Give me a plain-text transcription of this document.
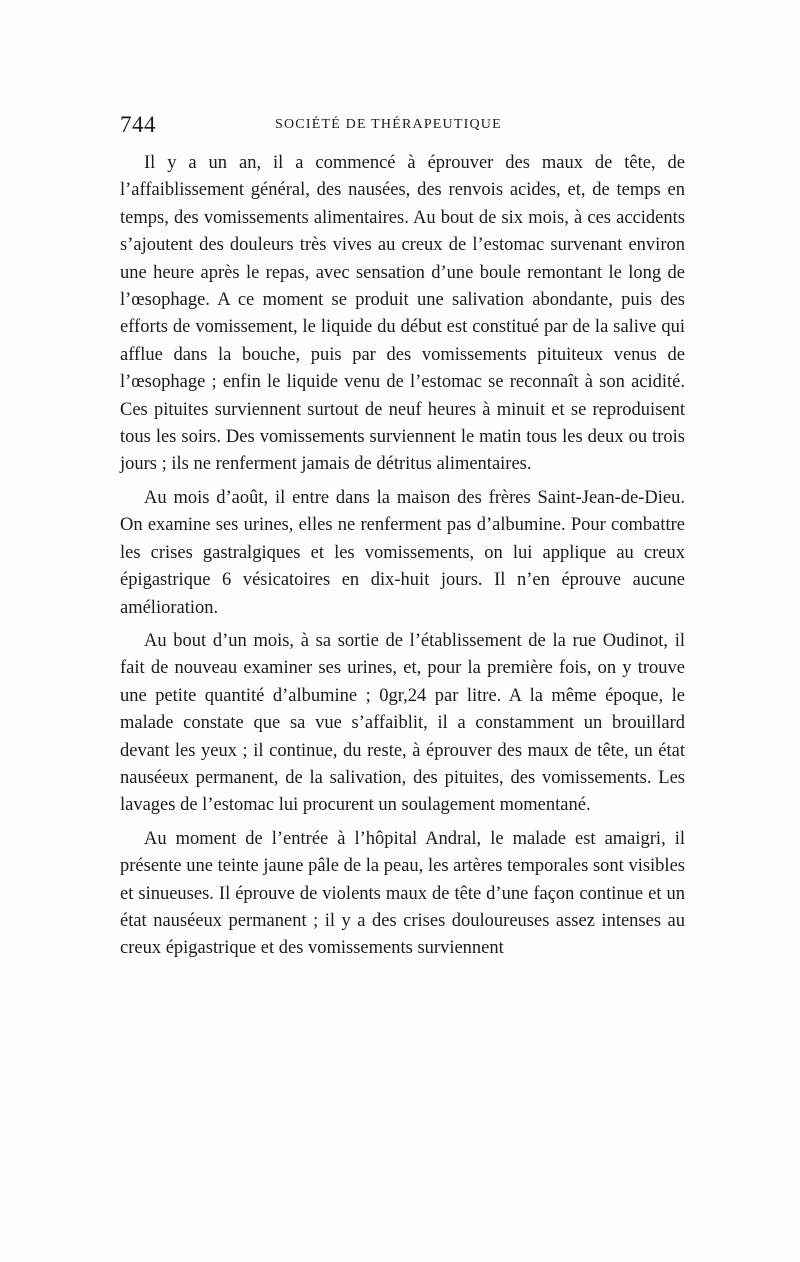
744	SOCIÉTÉ DE THÉRAPEUTIQUE

Il y a un an, il a commencé à éprouver des maux de tête, de l’affaiblissement général, des nausées, des renvois acides, et, de temps en temps, des vomissements alimentaires. Au bout de six mois, à ces accidents s’ajoutent des douleurs très vives au creux de l’estomac survenant environ une heure après le repas, avec sensation d’une boule remontant le long de l’œsophage. A ce moment se produit une salivation abondante, puis des efforts de vomissement, le liquide du début est constitué par de la salive qui afflue dans la bouche, puis par des vomissements pituiteux venus de l’œsophage ; enfin le liquide venu de l’estomac se reconnaît à son acidité. Ces pituites surviennent surtout de neuf heures à minuit et se reproduisent tous les soirs. Des vomissements surviennent le matin tous les deux ou trois jours ; ils ne renferment jamais de détritus alimentaires.

Au mois d’août, il entre dans la maison des frères Saint-Jean-de-Dieu. On examine ses urines, elles ne renferment pas d’albumine. Pour combattre les crises gastralgiques et les vomissements, on lui applique au creux épigastrique 6 vésicatoires en dix-huit jours. Il n’en éprouve aucune amélioration.

Au bout d’un mois, à sa sortie de l’établissement de la rue Oudinot, il fait de nouveau examiner ses urines, et, pour la première fois, on y trouve une petite quantité d’albumine ; 0gr,24 par litre. A la même époque, le malade constate que sa vue s’affaiblit, il a constamment un brouillard devant les yeux ; il continue, du reste, à éprouver des maux de tête, un état nauséeux permanent, de la salivation, des pituites, des vomissements. Les lavages de l’estomac lui procurent un soulagement momentané.

Au moment de l’entrée à l’hôpital Andral, le malade est amaigri, il présente une teinte jaune pâle de la peau, les artères temporales sont visibles et sinueuses. Il éprouve de violents maux de tête d’une façon continue et un état nauséeux permanent ; il y a des crises douloureuses assez intenses au creux épigastrique et des vomissements surviennent
